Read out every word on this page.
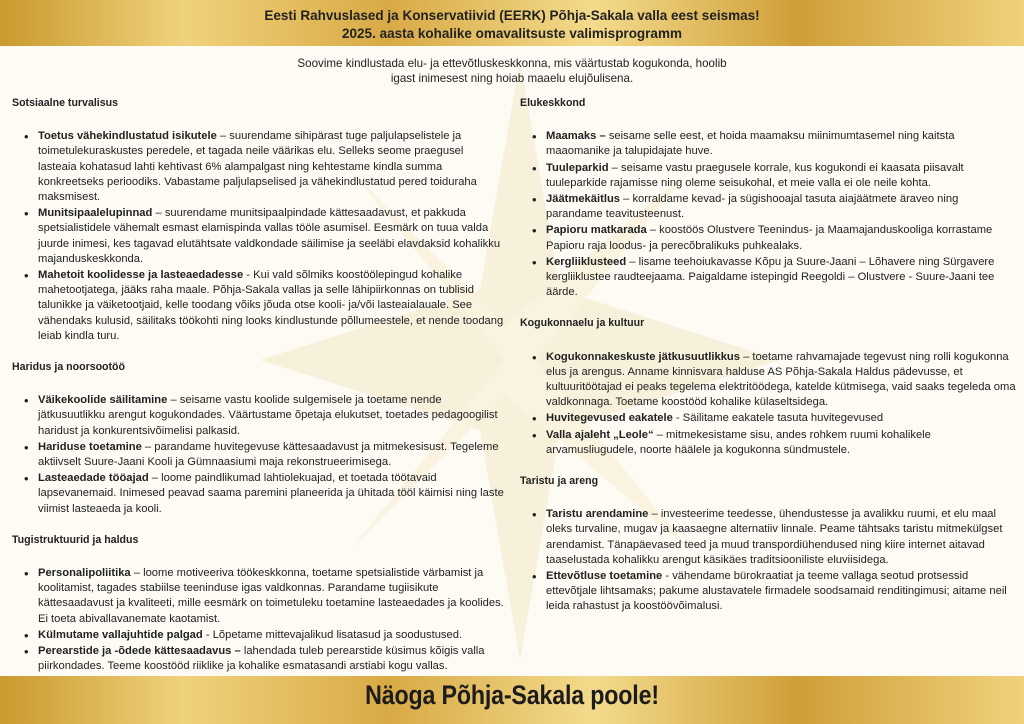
Eesti Rahvuslased ja Konservatiivid (EERK) Põhja-Sakala valla eest seismas!
2025. aasta kohalike omavalitsuste valimisprogramm
Soovime kindlustada elu- ja ettevõtluskeskkonna, mis väärtustab kogukonda, hoolib
igast inimesest ning hoiab maaelu elujõulisena.
Sotsiaalne turvalisus
• Toetus vähekindlustatud isikutele – suurendame sihipärast tuge paljulapselistele ja toimetulekuraskustes peredele, et tagada neile väärikas elu. Selleks seome praegusel lasteaia kohatasud lahti kehtivast 6% alampalgast ning kehtestame kindla summa konkreetseks perioodiks. Vabastame paljulapselised ja vähekindlustatud pered toiduraha maksmisest.
• Munitsipaalelupinnad – suurendame munitsipaalpindade kättesaadavust, et pakkuda spetsialistidele vähemalt esmast elamispinda vallas tööle asumisel. Eesmärk on tuua valda juurde inimesi, kes tagavad elutähtsate valdkondade säilimise ja seeläbi elavdaksid kohalikku majanduskeskkonda.
• Mahetoit koolidesse ja lasteaedadesse - Kui vald sõlmiks koostöölepingud kohalike mahetootjatega, jääks raha maale. Põhja-Sakala vallas ja selle lähipiirkonnas on tublisid talunikke ja väiketootjaid, kelle toodang võiks jõuda otse kooli- ja/või lasteaialauale. See vähendaks kulusid, säilitaks töökohti ning looks kindlustunde põllumeestele, et nende toodang leiab kindla turu.
Haridus ja noorsootöö
• Väikekoolide säilitamine – seisame vastu koolide sulgemisele ja toetame nende jätkusuutlikku arengut kogukondades. Väärtustame õpetaja elukutset, toetades pedagoogilist haridust ja konkurentsivõimelisi palkasid.
• Hariduse toetamine – parandame huvitegevuse kättesaadavust ja mitmekesisust. Tegeleme aktiivselt Suure-Jaani Kooli ja Gümnaasiumi maja rekonstrueerimisega.
• Lasteaedade tööajad – loome paindlikumad lahtiolekuajad, et toetada töötavaid lapsevanemaid. Inimesed peavad saama paremini planeerida ja ühitada tööl käimisi ning laste viimist lasteaeda ja kooli.
Tugistruktuurid ja haldus
• Personalipoliitika – loome motiveeriva töökeskkonna, toetame spetsialistide värbamist ja koolitamist, tagades stabiilse teeninduse igas valdkonnas. Parandame tugiisikute kättesaadavust ja kvaliteeti, mille eesmärk on toimetuleku toetamine lasteaedades ja koolides. Ei toeta abivallavanemate kaotamist.
• Külmutame vallajuhtide palgad - Lõpetame mittevajalikud lisatasud ja soodustused.
• Perearstide ja -õdede kättesaadavus – lahendada tuleb perearstide küsimus kõigis valla piirkondades. Teeme koostööd riiklike ja kohalike esmatasandi arstiabi kogu vallas.
Elukeskkond
• Maamaks – seisame selle eest, et hoida maamaksu miinimumtasemel ning kaitsta maaomanike ja talupidajate huve.
• Tuuleparkid – seisame vastu praegusele korrale, kus kogukondi ei kaasata piisavalt tuuleparkide rajamisse ning oleme seisukohal, et meie valla ei ole neile kohta.
• Jäätmekäitlus – korraldame kevad- ja sügishooajal tasuta aiajäätmete äraveo ning parandame teavitusteenust.
• Papioru matkarada – koostöös Olustvere Teenindus- ja Maamajanduskooliga korrastame Papioru raja loodus- ja perесõbralikuks puhkealaks.
• Kergliiklusteed – lisame teehoiukavasse Kõpu ja Suure-Jaani – Lõhavere ning Sürgavere kergliiklustee raudteejaama. Paigaldame istepingid Reegoldi – Olustvere - Suure-Jaani tee äärde.
Kogukonnaelu ja kultuur
• Kogukonnakeskuste jätkusuutlikkus – toetame rahvamajade tegevust ning rolli kogukonna elus ja arengus. Anname kinnisvara halduse AS Põhja-Sakala Haldus pädevusse, et kultuuritöötajad ei peaks tegelema elektritöödega, katelde kütmisega, vaid saaks tegeleda oma valdkonnaga. Toetame koostööd kohalike külaseltsidega.
• Huvitegevused eakatele - Säilitame eakatele tasuta huvitegevused
• Valla ajaleht „Leole“ – mitmekesistame sisu, andes rohkem ruumi kohalikele arvamusliugudele, noorte häälele ja kogukonna sündmustele.
Taristu ja areng
• Taristu arendamine – investeerime teedesse, ühendustesse ja avalikku ruumi, et elu maal oleks turvaline, mugav ja kaasaegne alternatiiv linnale. Peame tähtsaks taristu mitmekülgset arendamist. Tänapäevased teed ja muud transpordiühendused ning kiire internet aitavad taaselustada kohalikku arengut käsikäes traditsiooniliste eluviisidega.
• Ettevõtluse toetamine - vähendame bürokraatiat ja teeme vallaga seotud protsessid ettevõtjale lihtsamaks; pakume alustavatele firmadele soodsamaid renditingimusi; aitame neil leida rahastust ja koostöövõimalusi.
Näoga Põhja-Sakala poole!
